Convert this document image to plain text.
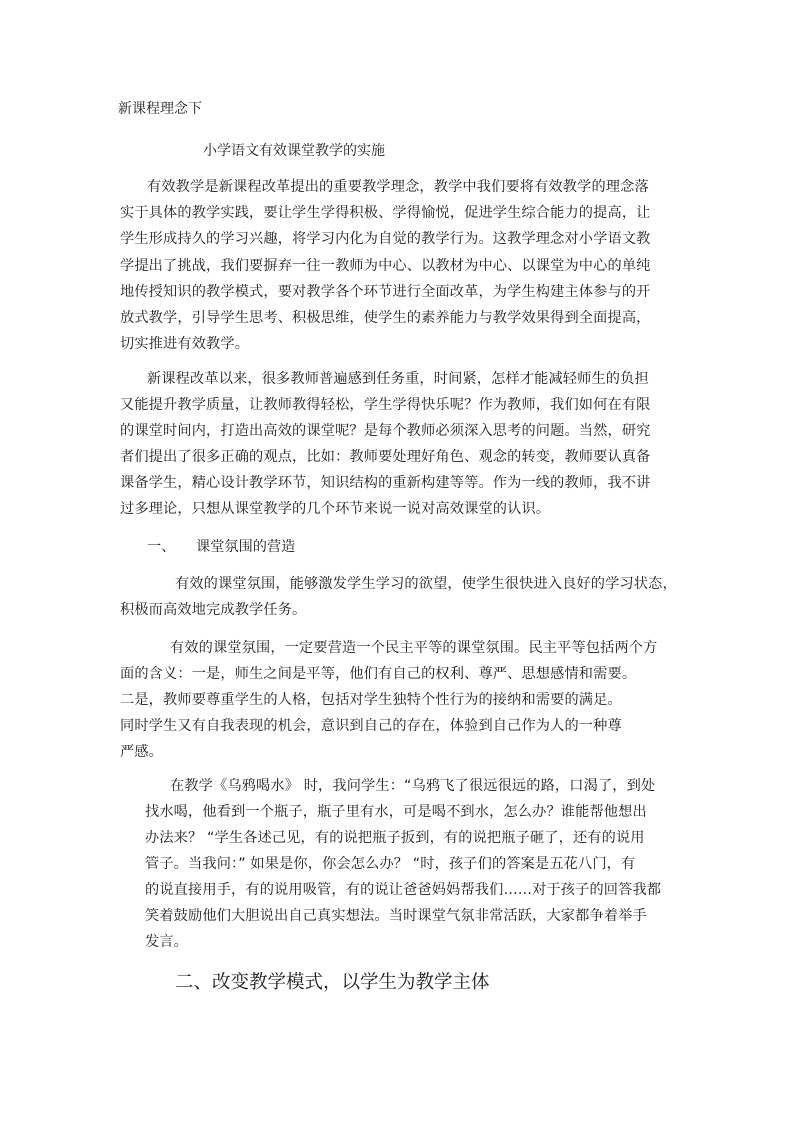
新课程理念下
小学语文有效课堂教学的实施
有效教学是新课程改革提出的重要教学理念，教学中我们要将有效教学的理念落
实于具体的教学实践，要让学生学得积极、学得愉悦，促进学生综合能力的提高，让
学生形成持久的学习兴趣，将学习内化为自觉的教学行为。这教学理念对小学语文教
学提出了挑战，我们要摒弃一往一教师为中心、以教材为中心、以课堂为中心的单纯
地传授知识的教学模式，要对教学各个环节进行全面改革，为学生构建主体参与的开
放式教学，引导学生思考、积极思维，使学生的素养能力与教学效果得到全面提高，
切实推进有效教学。
新课程改革以来，很多教师普遍感到任务重，时间紧，怎样才能减轻师生的负担
又能提升教学质量，让教师教得轻松，学生学得快乐呢？作为教师，我们如何在有限
的课堂时间内，打造出高效的课堂呢？是每个教师必须深入思考的问题。当然，研究
者们提出了很多正确的观点，比如：教师要处理好角色、观念的转变，教师要认真备
课备学生，精心设计教学环节，知识结构的重新构建等等。作为一线的教师，我不讲
过多理论，只想从课堂教学的几个环节来说一说对高效课堂的认识。
一、 课堂氛围的营造
有效的课堂氛围，能够激发学生学习的欲望，使学生很快进入良好的学习状态，
积极而高效地完成教学任务。
有效的课堂氛围，一定要营造一个民主平等的课堂氛围。民主平等包括两个方
面的含义：一是，师生之间是平等，他们有自己的权利、尊严、思想感情和需要。
二是，教师要尊重学生的人格，包括对学生独特个性行为的接纳和需要的满足。
同时学生又有自我表现的机会，意识到自己的存在，体验到自己作为人的一种尊
严感。
在教学《乌鸦喝水》 时，我问学生：“乌鸦飞了很远很远的路，口渴了，到处
找水喝，他看到一个瓶子，瓶子里有水，可是喝不到水，怎么办？谁能帮他想出
办法来？ “学生各述己见，有的说把瓶子扳到，有的说把瓶子砸了，还有的说用
管子。当我问：” 如果是你，你会怎么办？ “时，孩子们的答案是五花八门，有
的说直接用手，有的说用吸管，有的说让爸爸妈妈帮我们……对于孩子的回答我都
笑着鼓励他们大胆说出自己真实想法。当时课堂气氛非常活跃，大家都争着举手
发言。
二、改变教学模式，以学生为教学主体
